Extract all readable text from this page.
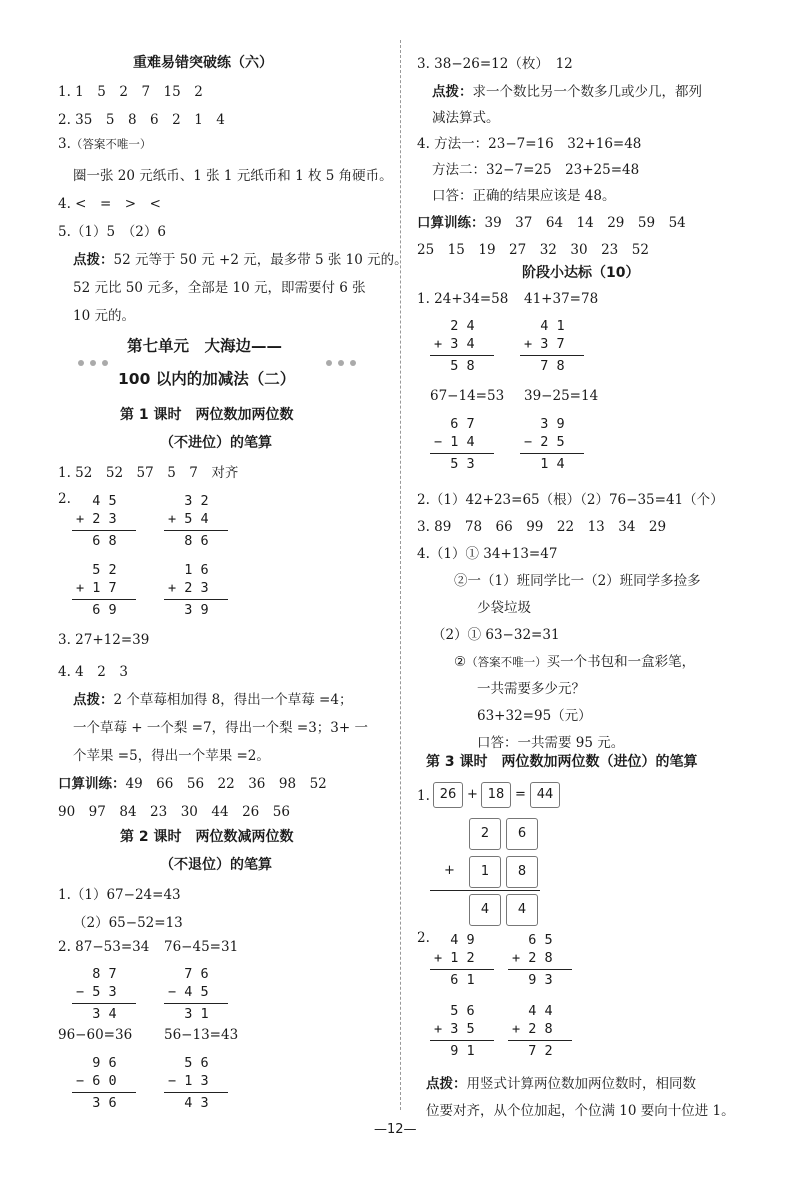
重难易错突破练（六）
1. 1　5　2　7　15　2
2. 35　5　8　6　2　1　4
3.（答案不唯一）
圈一张 20 元纸币、1 张 1 元纸币和 1 枚 5 角硬币。
4. <　=　>　<
5.（1）5　（2）6
点拨：52 元等于 50 元 +2 元，最多带 5 张 10 元的。
52 元比 50 元多，全部是 10 元，即需要付 6 张
10 元的。
第七单元　大海边——
100 以内的加减法（二）
第 1 课时　两位数加两位数
（不进位）的笔算
1. 52　52　57　5　7　对齐
2. 4 5
+ 2 3
6 8
3 2
+ 5 4
8 6
5 2
+ 1 7
6 9
1 6
+ 2 3
3 9
3. 27+12=39
4. 4　2　3
点拨：2 个草莓相加得 8，得出一个草莓 =4；
一个草莓 + 一个梨 =7，得出一个梨 =3；3+ 一
个苹果 =5，得出一个苹果 =2。
口算训练：49　66　56　22　36　98　52
90　97　84　23　30　44　26　56
第 2 课时　两位数减两位数
（不退位）的笔算
1.（1）67−24=43
（2）65−52=13
2. 87−53=34 76−45=31
8 7
− 5 3
3 4
7 6
− 4 5
3 1
96−60=36 56−13=43
9 6
− 6 0
3 6
5 6
− 1 3
4 3
3. 38−26=12（枚）　12
点拨：求一个数比另一个数多几或少几，都列
减法算式。
4. 方法一：23−7=16　32+16=48
方法二：32−7=25　23+25=48
口答：正确的结果应该是 48。
口算训练：39　37　64　14　29　59　54
25　15　19　27　32　30　23　52
阶段小达标（10）
1. 24+34=58 41+37=78
2 4
+ 3 4
5 8
4 1
+ 3 7
7 8
67−14=53 39−25=14
6 7
− 1 4
5 3
3 9
− 2 5
1 4
2.（1）42+23=65（根）（2）76−35=41（个）
3. 89　78　66　99　22　13　34　29
4.（1）① 34+13=47
②一（1）班同学比一（2）班同学多捡多
少袋垃圾
（2）① 63−32=31
②（答案不唯一）买一个书包和一盒彩笔，
一共需要多少元？
63+32=95（元）
口答：一共需要 95 元。
第 3 课时　两位数加两位数（进位）的笔算
1. 26 + 18 = 44
2	6
+	1	8
4	4
2. 4 9
+ 1 2
6 1
6 5
+ 2 8
9 3
5 6
+ 3 5
9 1
4 4
+ 2 8
7 2
点拨：用竖式计算两位数加两位数时，相同数
位要对齐，从个位加起，个位满 10 要向十位进 1。
—12—
